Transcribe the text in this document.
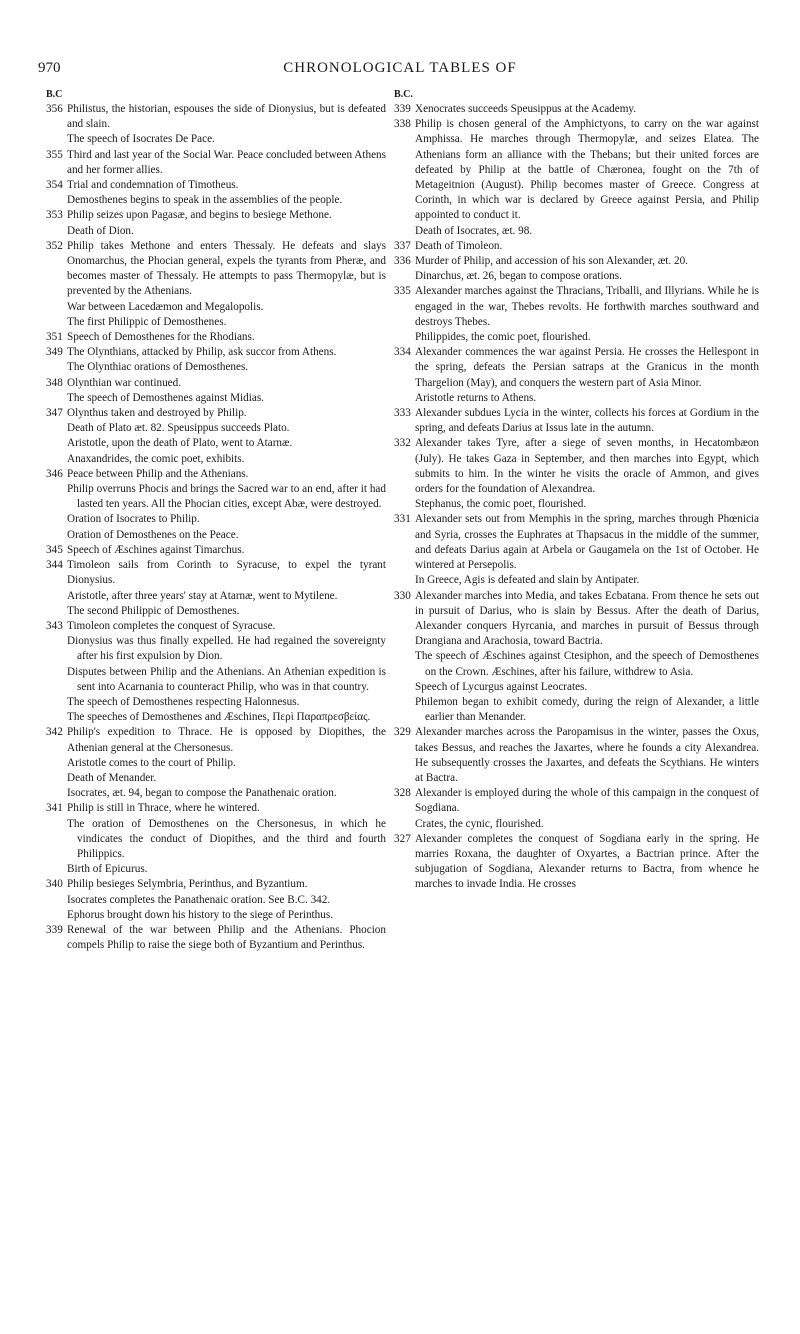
970	CHRONOLOGICAL TABLES OF
B.C
356 Philistus, the historian, espouses the side of Dionysius, but is defeated and slain.
The speech of Isocrates De Pace.
355 Third and last year of the Social War. Peace concluded between Athens and her former allies.
354 Trial and condemnation of Timotheus.
Demosthenes begins to speak in the assemblies of the people.
353 Philip seizes upon Pagasæ, and begins to besiege Methone.
Death of Dion.
352 Philip takes Methone and enters Thessaly. He defeats and slays Onomarchus, the Phocian general, expels the tyrants from Pheræ, and becomes master of Thessaly. He attempts to pass Thermopylæ, but is prevented by the Athenians.
War between Lacedæmon and Megalopolis.
The first Philippic of Demosthenes.
351 Speech of Demosthenes for the Rhodians.
349 The Olynthians, attacked by Philip, ask succor from Athens.
The Olynthiac orations of Demosthenes.
348 Olynthian war continued.
The speech of Demosthenes against Midias.
347 Olynthus taken and destroyed by Philip.
Death of Plato æt. 82. Speusippus succeeds Plato.
Aristotle, upon the death of Plato, went to Atarnæ.
Anaxandrides, the comic poet, exhibits.
346 Peace between Philip and the Athenians.
Philip overruns Phocis and brings the Sacred war to an end, after it had lasted ten years. All the Phocian cities, except Abæ, were destroyed.
Oration of Isocrates to Philip.
Oration of Demosthenes on the Peace.
345 Speech of Æschines against Timarchus.
344 Timoleon sails from Corinth to Syracuse, to expel the tyrant Dionysius.
Aristotle, after three years' stay at Atarnæ, went to Mytilene.
The second Philippic of Demosthenes.
343 Timoleon completes the conquest of Syracuse.
Dionysius was thus finally expelled. He had regained the sovereignty after his first expulsion by Dion.
Disputes between Philip and the Athenians. An Athenian expedition is sent into Acarnania to counteract Philip, who was in that country.
The speech of Demosthenes respecting Halonnesus.
The speeches of Demosthenes and Æschines, Περὶ Παραπρεσβείας.
342 Philip's expedition to Thrace. He is opposed by Diopithes, the Athenian general at the Chersonesus.
Aristotle comes to the court of Philip.
Death of Menander.
Isocrates, æt. 94, began to compose the Panathenaic oration.
341 Philip is still in Thrace, where he wintered.
The oration of Demosthenes on the Chersonesus, in which he vindicates the conduct of Diopithes, and the third and fourth Philippics.
Birth of Epicurus.
340 Philip besieges Selymbria, Perinthus, and Byzantium.
Isocrates completes the Panathenaic oration. See B.C. 342.
Ephorus brought down his history to the siege of Perinthus.
339 Renewal of the war between Philip and the Athenians. Phocion compels Philip to raise the siege both of Byzantium and Perinthus.
B.C.
339 Xenocrates succeeds Speusippus at the Academy.
338 Philip is chosen general of the Amphictyons, to carry on the war against Amphissa. He marches through Thermopylæ, and seizes Elatea. The Athenians form an alliance with the Thebans; but their united forces are defeated by Philip at the battle of Chæronea, fought on the 7th of Metageitnion (August). Philip becomes master of Greece. Congress at Corinth, in which war is declared by Greece against Persia, and Philip appointed to conduct it.
Death of Isocrates, æt. 98.
337 Death of Timoleon.
336 Murder of Philip, and accession of his son Alexander, æt. 20.
Dinarchus, æt. 26, began to compose orations.
335 Alexander marches against the Thracians, Triballi, and Illyrians. While he is engaged in the war, Thebes revolts. He forthwith marches southward and destroys Thebes.
Philippides, the comic poet, flourished.
334 Alexander commences the war against Persia. He crosses the Hellespont in the spring, defeats the Persian satraps at the Granicus in the month Thargelion (May), and conquers the western part of Asia Minor.
Aristotle returns to Athens.
333 Alexander subdues Lycia in the winter, collects his forces at Gordium in the spring, and defeats Darius at Issus late in the autumn.
332 Alexander takes Tyre, after a siege of seven months, in Hecatombæon (July). He takes Gaza in September, and then marches into Egypt, which submits to him. In the winter he visits the oracle of Ammon, and gives orders for the foundation of Alexandrea.
Stephanus, the comic poet, flourished.
331 Alexander sets out from Memphis in the spring, marches through Phœnicia and Syria, crosses the Euphrates at Thapsacus in the middle of the summer, and defeats Darius again at Arbela or Gaugamela on the 1st of October. He wintered at Persepolis.
In Greece, Agis is defeated and slain by Antipater.
330 Alexander marches into Media, and takes Ecbatana. From thence he sets out in pursuit of Darius, who is slain by Bessus. After the death of Darius, Alexander conquers Hyrcania, and marches in pursuit of Bessus through Drangiana and Arachosia, toward Bactria.
The speech of Æschines against Ctesiphon, and the speech of Demosthenes on the Crown. Æschines, after his failure, withdrew to Asia.
Speech of Lycurgus against Leocrates.
Philemon began to exhibit comedy, during the reign of Alexander, a little earlier than Menander.
329 Alexander marches across the Paropamisus in the winter, passes the Oxus, takes Bessus, and reaches the Jaxartes, where he founds a city Alexandrea. He subsequently crosses the Jaxartes, and defeats the Scythians. He winters at Bactra.
328 Alexander is employed during the whole of this campaign in the conquest of Sogdiana.
Crates, the cynic, flourished.
327 Alexander completes the conquest of Sogdiana early in the spring. He marries Roxana, the daughter of Oxyartes, a Bactrian prince. After the subjugation of Sogdiana, Alexander returns to Bactra, from whence he marches to invade India. He crosses
